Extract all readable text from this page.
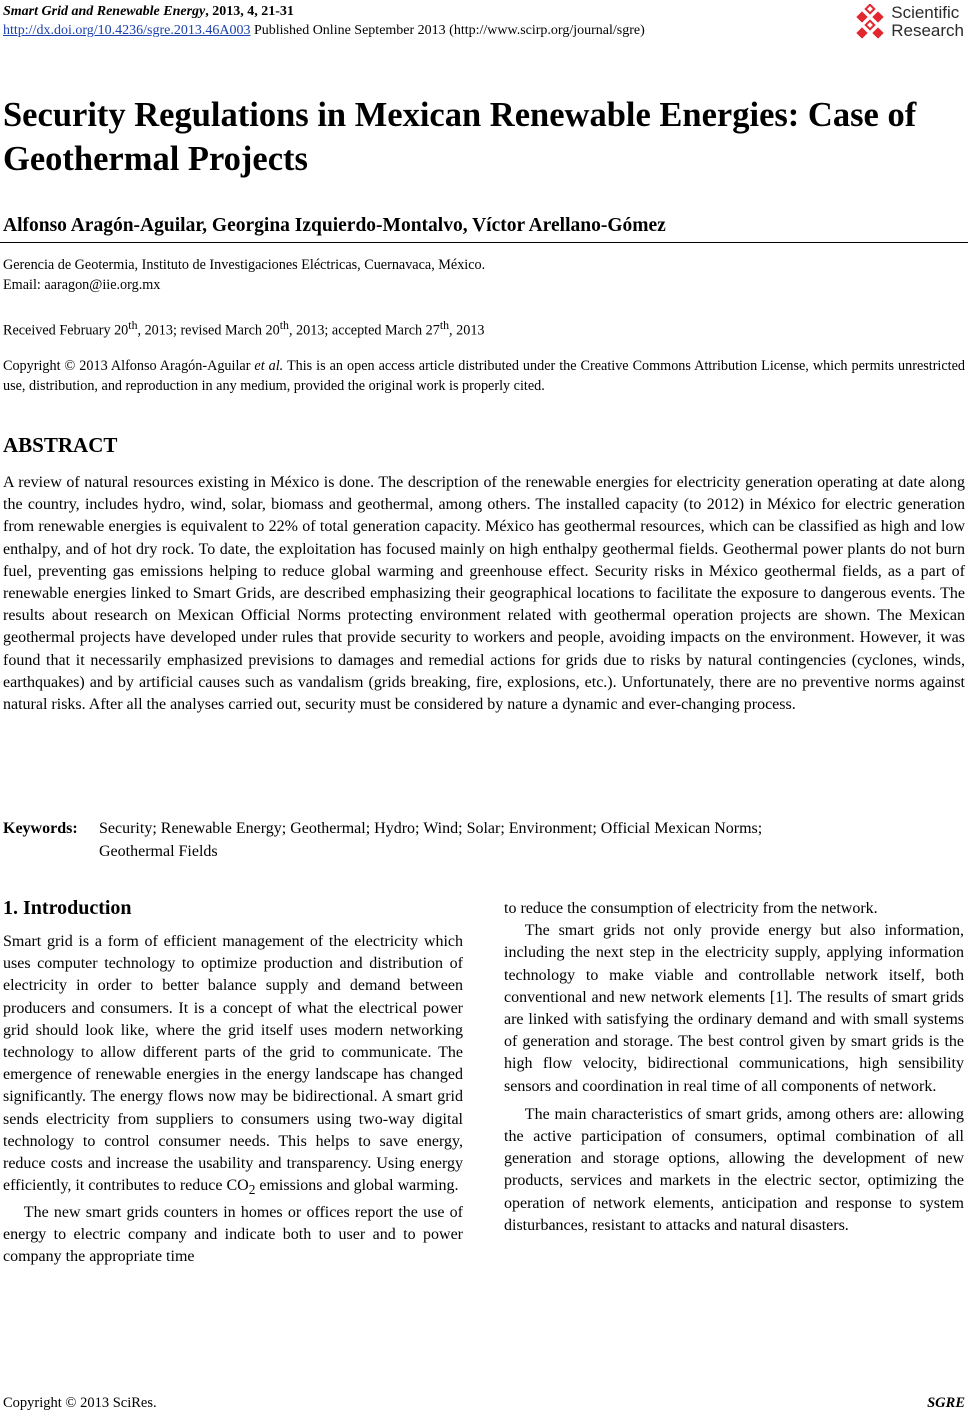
Smart Grid and Renewable Energy, 2013, 4, 21-31
http://dx.doi.org/10.4236/sgre.2013.46A003 Published Online September 2013 (http://www.scirp.org/journal/sgre)
Scientific
Research
Security Regulations in Mexican Renewable Energies: Case of Geothermal Projects
Alfonso Aragón-Aguilar, Georgina Izquierdo-Montalvo, Víctor Arellano-Gómez
Gerencia de Geotermia, Instituto de Investigaciones Eléctricas, Cuernavaca, México.
Email: aaragon@iie.org.mx
Received February 20th, 2013; revised March 20th, 2013; accepted March 27th, 2013
Copyright © 2013 Alfonso Aragón-Aguilar et al. This is an open access article distributed under the Creative Commons Attribution License, which permits unrestricted use, distribution, and reproduction in any medium, provided the original work is properly cited.
ABSTRACT

A review of natural resources existing in México is done. The description of the renewable energies for electricity generation operating at date along the country, includes hydro, wind, solar, biomass and geothermal, among others. The installed capacity (to 2012) in México for electric generation from renewable energies is equivalent to 22% of total generation capacity. México has geothermal resources, which can be classified as high and low enthalpy, and of hot dry rock. To date, the exploitation has focused mainly on high enthalpy geothermal fields. Geothermal power plants do not burn fuel, preventing gas emissions helping to reduce global warming and greenhouse effect. Security risks in México geothermal fields, as a part of renewable energies linked to Smart Grids, are described emphasizing their geographical locations to facilitate the exposure to dangerous events. The results about research on Mexican Official Norms protecting environment related with geothermal operation projects are shown. The Mexican geothermal projects have developed under rules that provide security to workers and people, avoiding impacts on the environment. However, it was found that it necessarily emphasized previsions to damages and remedial actions for grids due to risks by natural contingencies (cyclones, winds, earthquakes) and by artificial causes such as vandalism (grids breaking, fire, explosions, etc.). Unfortunately, there are no preventive norms against natural risks. After all the analyses carried out, security must be considered by nature a dynamic and ever-changing process.

Keywords: Security; Renewable Energy; Geothermal; Hydro; Wind; Solar; Environment; Official Mexican Norms;
Geothermal Fields
1. Introduction

Smart grid is a form of efficient management of the electricity which uses computer technology to optimize production and distribution of electricity in order to better balance supply and demand between producers and consumers. It is a concept of what the electrical power grid should look like, where the grid itself uses modern networking technology to allow different parts of the grid to communicate. The emergence of renewable energies in the energy landscape has changed significantly. The energy flows now may be bidirectional. A smart grid sends electricity from suppliers to consumers using two-way digital technology to control consumer needs. This helps to save energy, reduce costs and increase the usability and transparency. Using energy efficiently, it contributes to reduce $CO_2$ emissions and global warming.

The new smart grids counters in homes or offices report the use of energy to electric company and indicate both to user and to power company the appropriate time

to reduce the consumption of electricity from the network.

The smart grids not only provide energy but also information, including the next step in the electricity supply, applying information technology to make viable and controllable network itself, both conventional and new network elements [1]. The results of smart grids are linked with satisfying the ordinary demand and with small systems of generation and storage. The best control given by smart grids is the high flow velocity, bidirectional communications, high sensibility sensors and coordination in real time of all components of network.

The main characteristics of smart grids, among others are: allowing the active participation of consumers, optimal combination of all generation and storage options, allowing the development of new products, services and markets in the electric sector, optimizing the operation of network elements, anticipation and response to system disturbances, resistant to attacks and natural disasters.

Copyright © 2013 SciRes.	SGRE
